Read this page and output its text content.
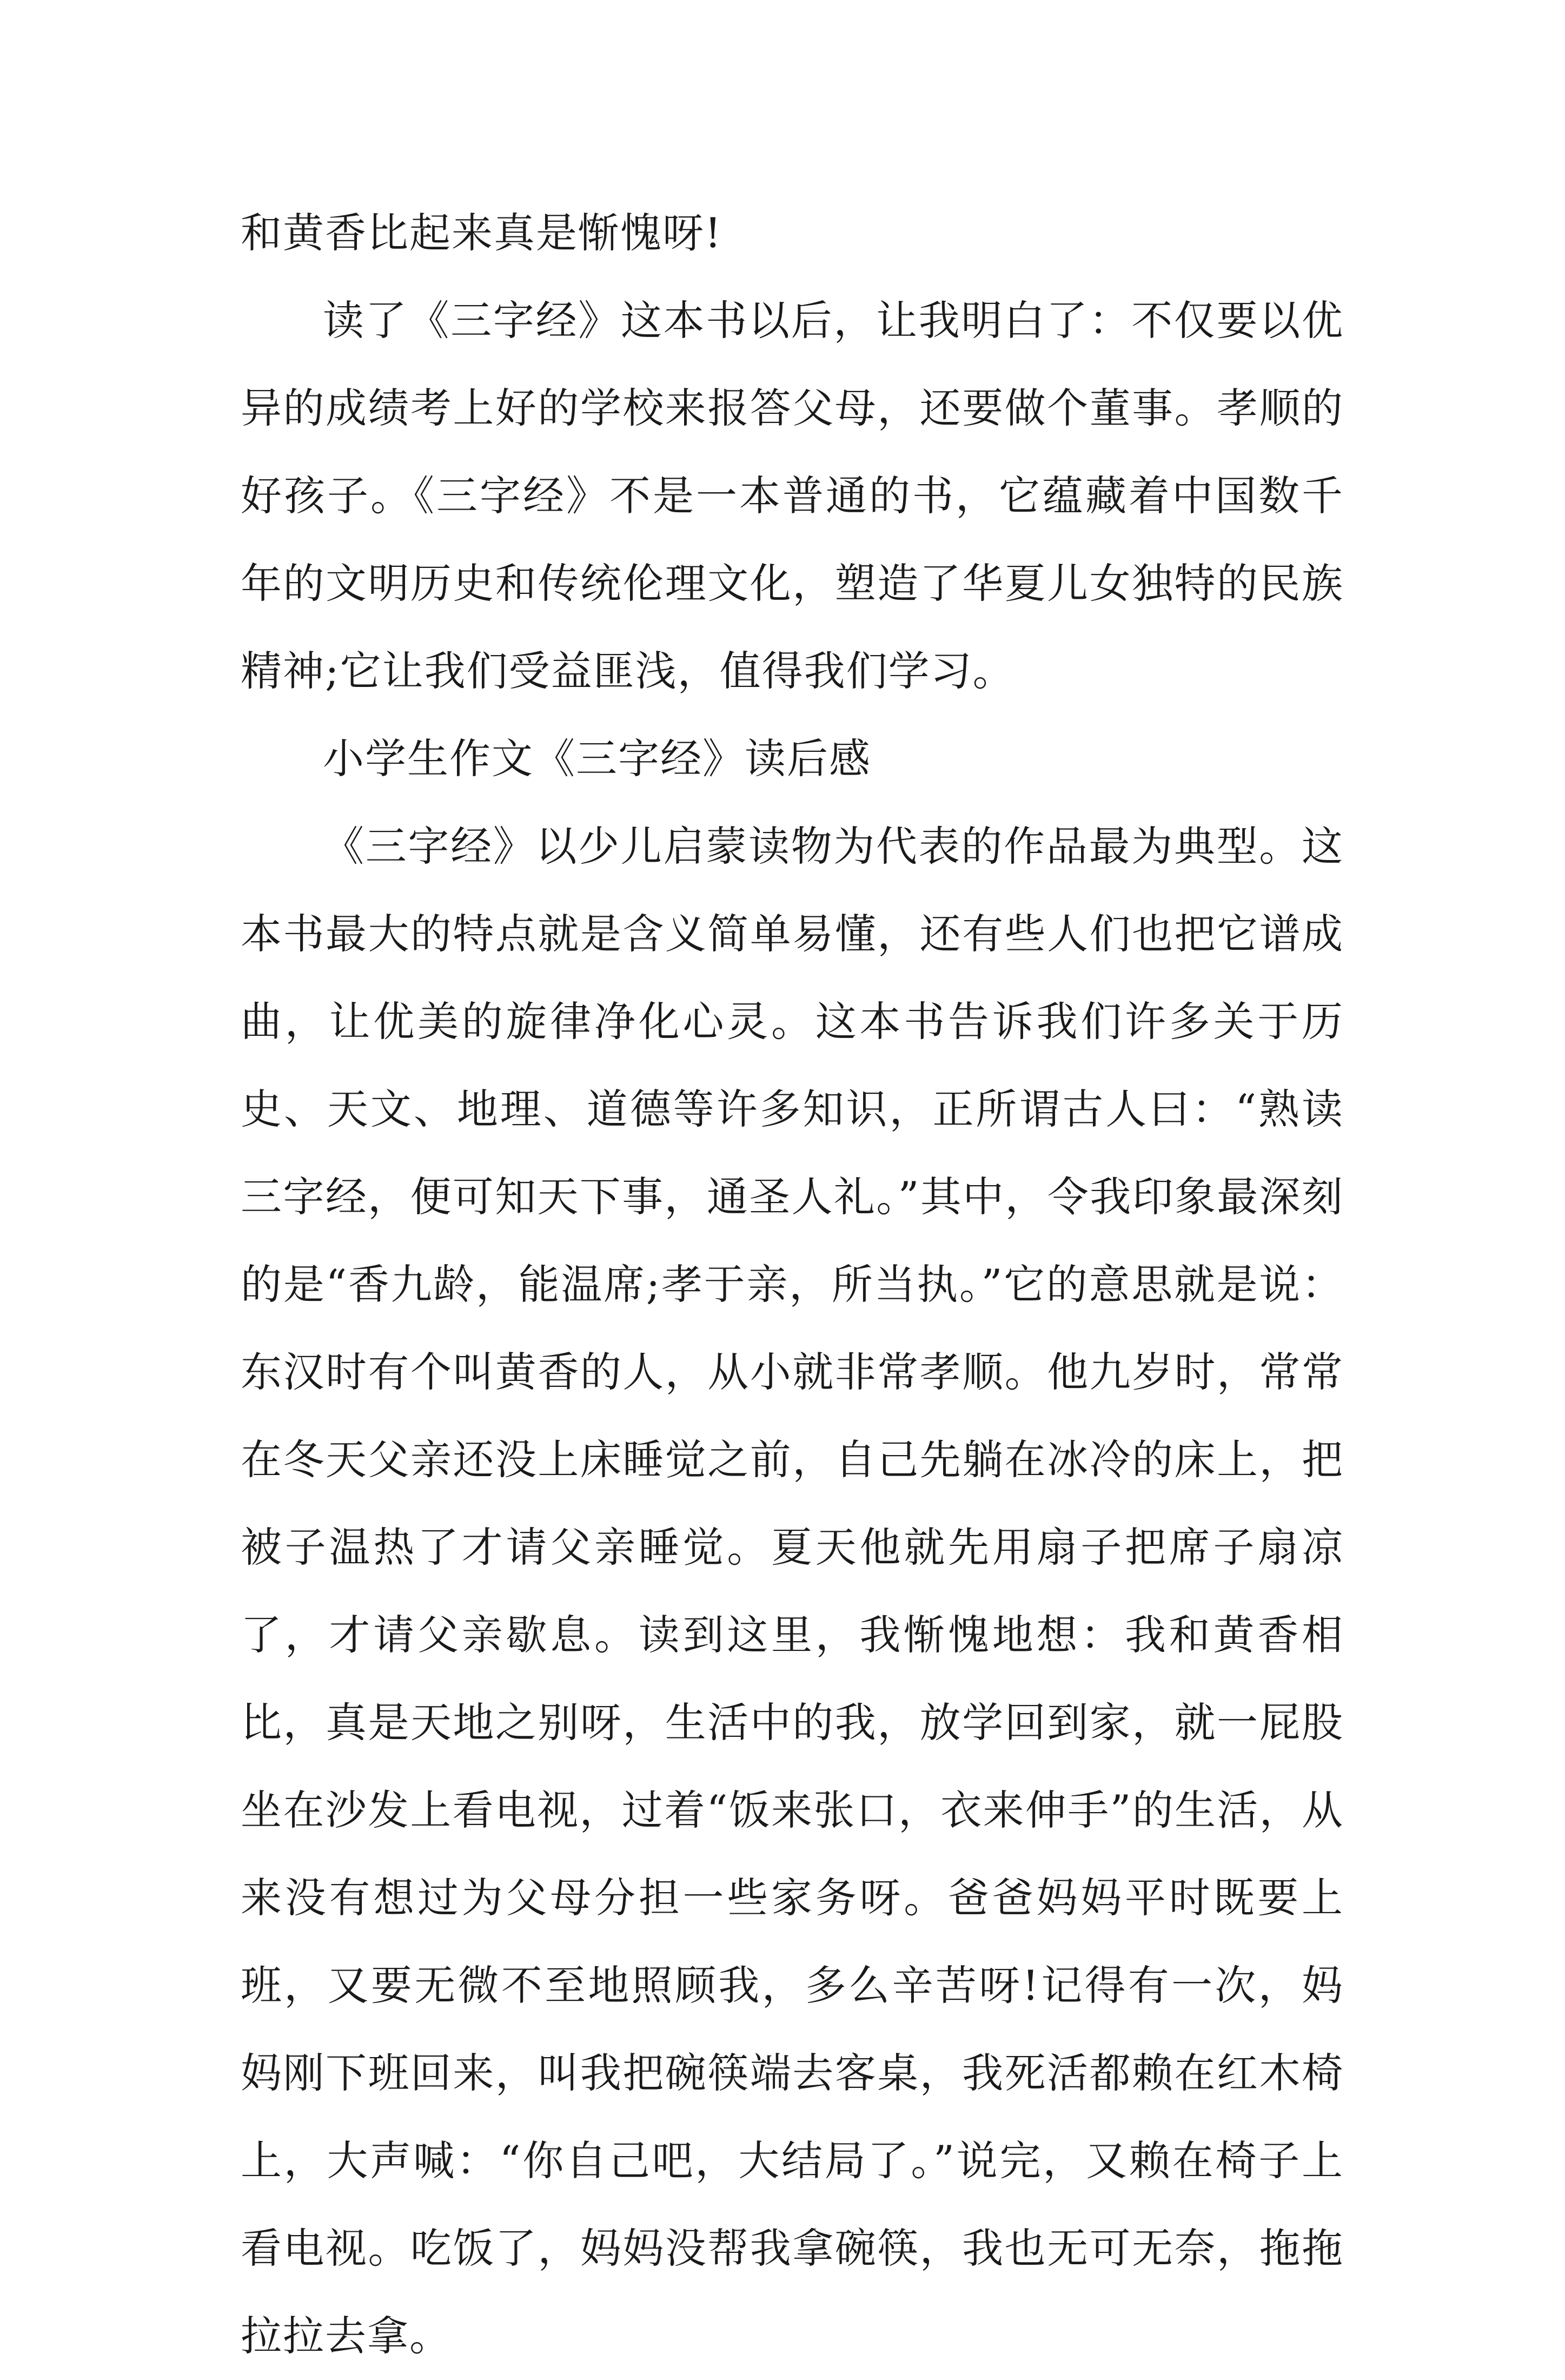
和黄香比起来真是惭愧呀!

读了《三字经》这本书以后，让我明白了：不仅要以优异的成绩考上好的学校来报答父母，还要做个董事。孝顺的好孩子。《三字经》不是一本普通的书，它蕴藏着中国数千年的文明历史和传统伦理文化，塑造了华夏儿女独特的民族精神;它让我们受益匪浅，值得我们学习。

小学生作文《三字经》读后感

《三字经》以少儿启蒙读物为代表的作品最为典型。这本书最大的特点就是含义简单易懂，还有些人们也把它谱成曲，让优美的旋律净化心灵。这本书告诉我们许多关于历史、天文、地理、道德等许多知识，正所谓古人曰：“熟读三字经，便可知天下事，通圣人礼。”其中，令我印象最深刻的是“香九龄，能温席;孝于亲，所当执。”它的意思就是说：东汉时有个叫黄香的人，从小就非常孝顺。他九岁时，常常在冬天父亲还没上床睡觉之前，自己先躺在冰冷的床上，把被子温热了才请父亲睡觉。夏天他就先用扇子把席子扇凉了，才请父亲歇息。读到这里，我惭愧地想：我和黄香相比，真是天地之别呀，生活中的我，放学回到家，就一屁股坐在沙发上看电视，过着“饭来张口，衣来伸手”的生活，从来没有想过为父母分担一些家务呀。爸爸妈妈平时既要上班，又要无微不至地照顾我，多么辛苦呀!记得有一次，妈妈刚下班回来，叫我把碗筷端去客桌，我死活都赖在红木椅上，大声喊：“你自己吧，大结局了。”说完，又赖在椅子上看电视。吃饭了，妈妈没帮我拿碗筷，我也无可无奈，拖拖拉拉去拿。
